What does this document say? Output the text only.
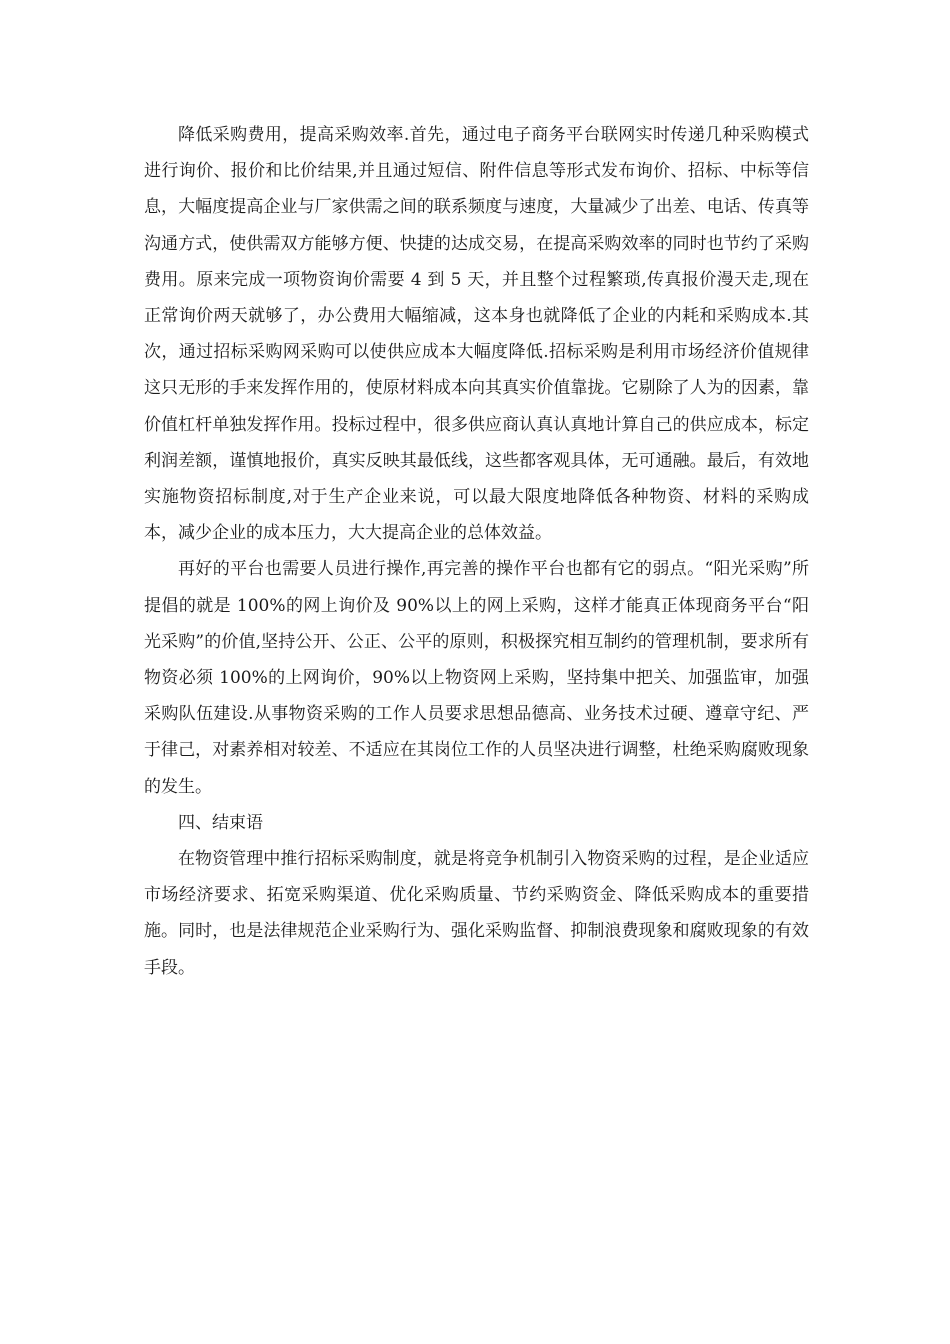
降低采购费用，提高采购效率.首先，通过电子商务平台联网实时传递几种采购模式进行询价、报价和比价结果,并且通过短信、附件信息等形式发布询价、招标、中标等信息，大幅度提高企业与厂家供需之间的联系频度与速度，大量减少了出差、电话、传真等沟通方式，使供需双方能够方便、快捷的达成交易，在提高采购效率的同时也节约了采购费用。原来完成一项物资询价需要 4 到 5 天，并且整个过程繁琐,传真报价漫天走,现在正常询价两天就够了，办公费用大幅缩减，这本身也就降低了企业的内耗和采购成本.其次，通过招标采购网采购可以使供应成本大幅度降低.招标采购是利用市场经济价值规律这只无形的手来发挥作用的，使原材料成本向其真实价值靠拢。它剔除了人为的因素，靠价值杠杆单独发挥作用。投标过程中，很多供应商认真认真地计算自己的供应成本，标定利润差额，谨慎地报价，真实反映其最低线，这些都客观具体，无可通融。最后，有效地实施物资招标制度,对于生产企业来说，可以最大限度地降低各种物资、材料的采购成本，减少企业的成本压力，大大提高企业的总体效益。

再好的平台也需要人员进行操作,再完善的操作平台也都有它的弱点。“阳光采购”所提倡的就是 100%的网上询价及 90%以上的网上采购，这样才能真正体现商务平台“阳光采购”的价值,坚持公开、公正、公平的原则，积极探究相互制约的管理机制，要求所有物资必须 100%的上网询价，90%以上物资网上采购，坚持集中把关、加强监审，加强采购队伍建设.从事物资采购的工作人员要求思想品德高、业务技术过硬、遵章守纪、严于律己，对素养相对较差、不适应在其岗位工作的人员坚决进行调整，杜绝采购腐败现象的发生。

四、结束语

在物资管理中推行招标采购制度，就是将竞争机制引入物资采购的过程，是企业适应市场经济要求、拓宽采购渠道、优化采购质量、节约采购资金、降低采购成本的重要措施。同时，也是法律规范企业采购行为、强化采购监督、抑制浪费现象和腐败现象的有效手段。
